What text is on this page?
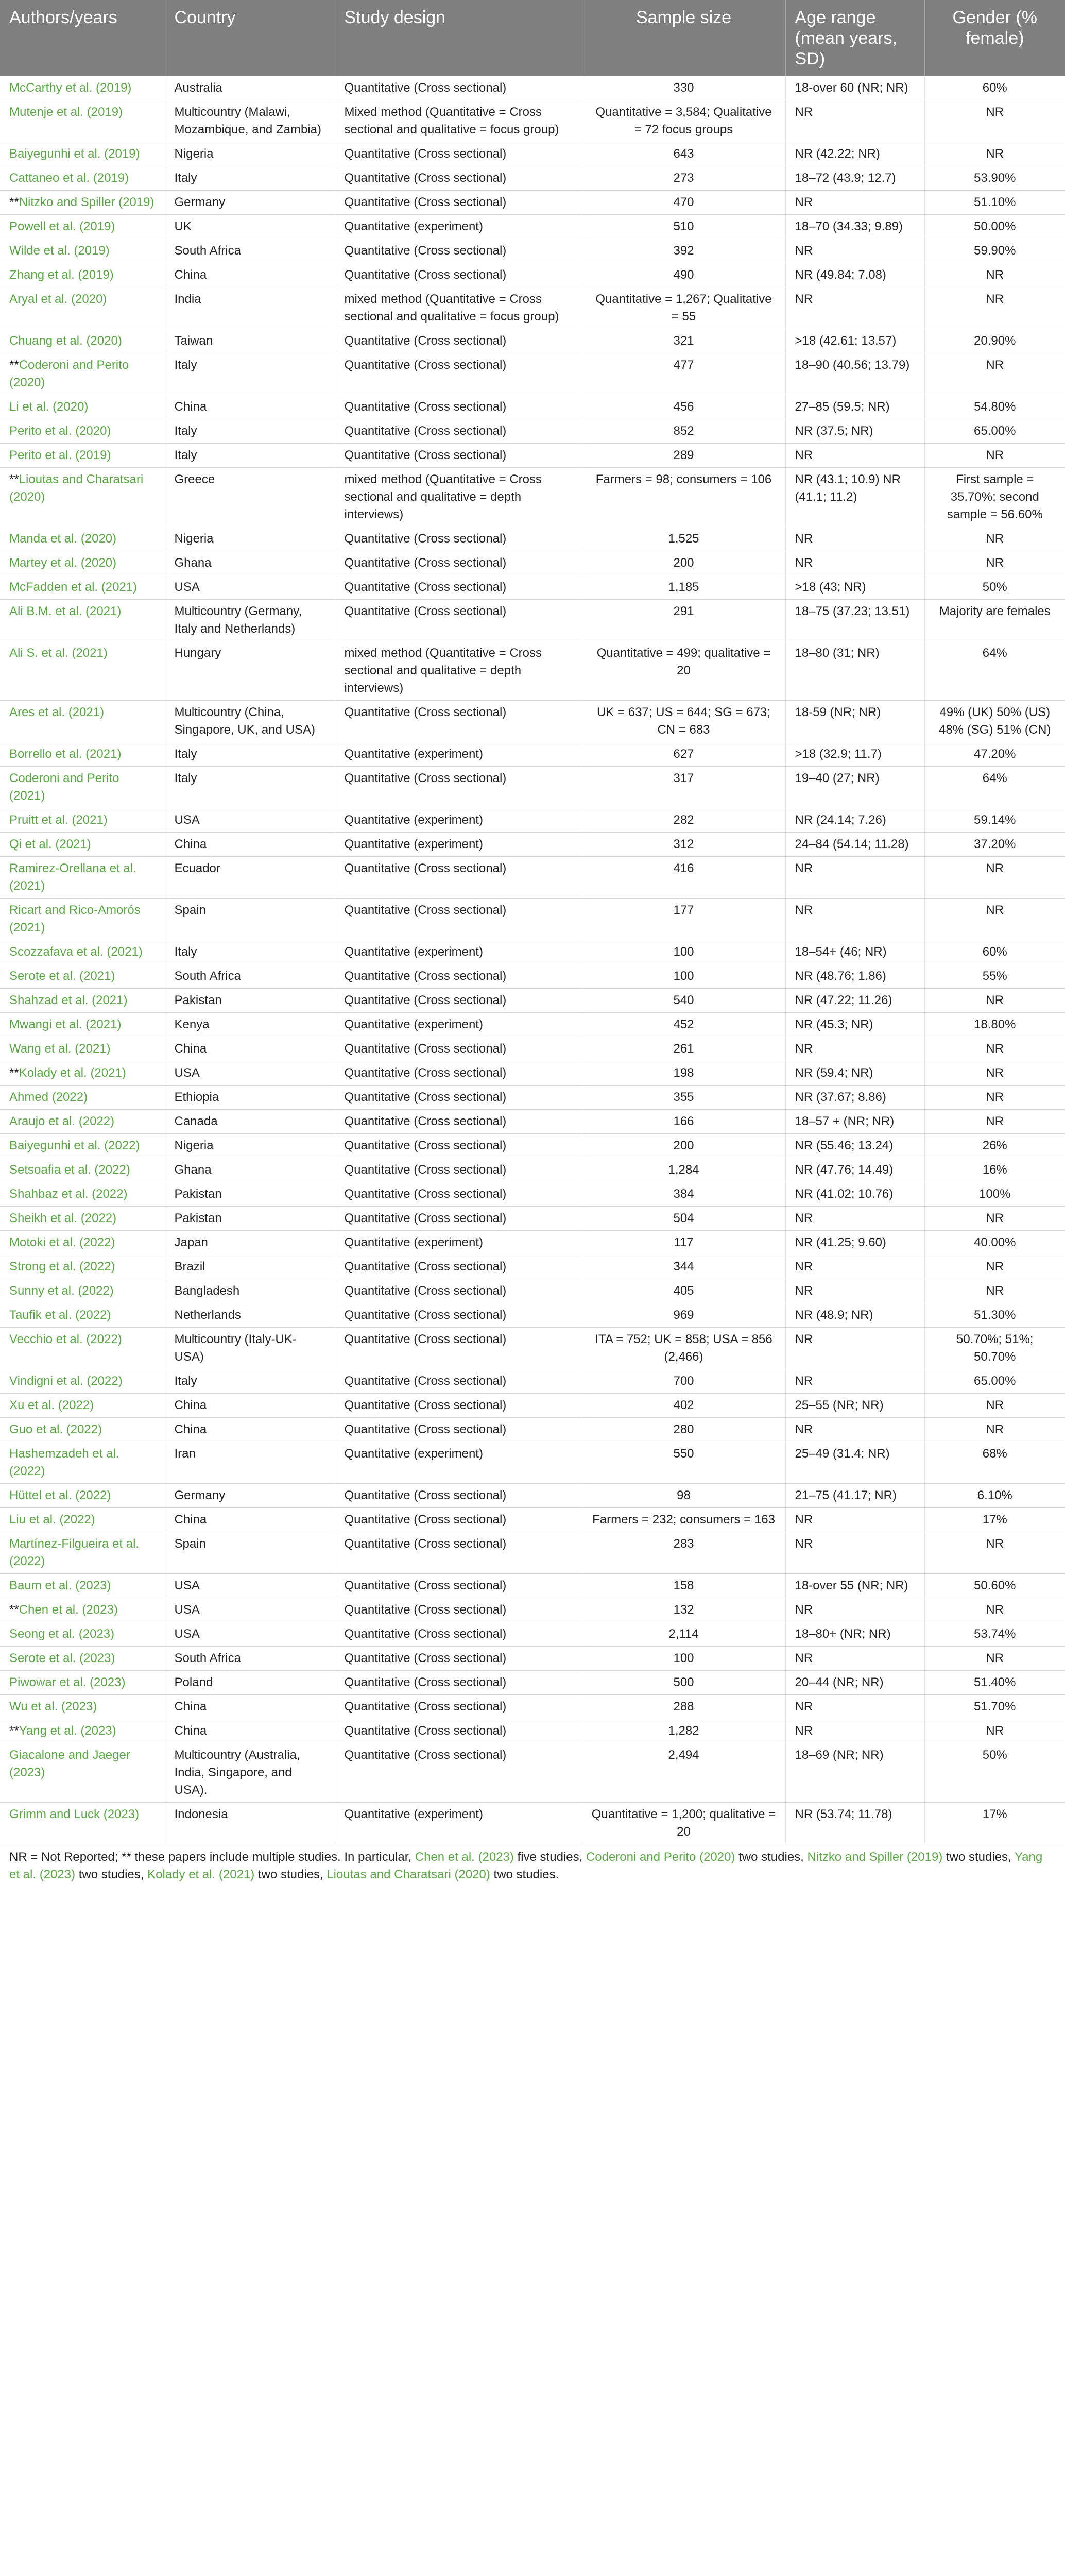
Authors/years	Country	Study design	Sample size	Age range (mean years, SD)	Gender (% female)
McCarthy et al. (2019)	Australia	Quantitative (Cross sectional)	330	18-over 60 (NR; NR)	60%
Mutenje et al. (2019)	Multicountry (Malawi, Mozambique, and Zambia)	Mixed method (Quantitative = Cross sectional and qualitative = focus group)	Quantitative = 3,584; Qualitative = 72 focus groups	NR	NR
Baiyegunhi et al. (2019)	Nigeria	Quantitative (Cross sectional)	643	NR (42.22; NR)	NR
Cattaneo et al. (2019)	Italy	Quantitative (Cross sectional)	273	18–72 (43.9; 12.7)	53.90%
**Nitzko and Spiller (2019)	Germany	Quantitative (Cross sectional)	470	NR	51.10%
Powell et al. (2019)	UK	Quantitative (experiment)	510	18–70 (34.33; 9.89)	50.00%
Wilde et al. (2019)	South Africa	Quantitative (Cross sectional)	392	NR	59.90%
Zhang et al. (2019)	China	Quantitative (Cross sectional)	490	NR (49.84; 7.08)	NR
Aryal et al. (2020)	India	mixed method (Quantitative = Cross sectional and qualitative = focus group)	Quantitative = 1,267; Qualitative = 55	NR	NR
Chuang et al. (2020)	Taiwan	Quantitative (Cross sectional)	321	>18 (42.61; 13.57)	20.90%
**Coderoni and Perito (2020)	Italy	Quantitative (Cross sectional)	477	18–90 (40.56; 13.79)	NR
Li et al. (2020)	China	Quantitative (Cross sectional)	456	27–85 (59.5; NR)	54.80%
Perito et al. (2020)	Italy	Quantitative (Cross sectional)	852	NR (37.5; NR)	65.00%
Perito et al. (2019)	Italy	Quantitative (Cross sectional)	289	NR	NR
**Lioutas and Charatsari (2020)	Greece	mixed method (Quantitative = Cross sectional and qualitative = depth interviews)	Farmers = 98; consumers = 106	NR (43.1; 10.9) NR (41.1; 11.2)	First sample = 35.70%; second sample = 56.60%
Manda et al. (2020)	Nigeria	Quantitative (Cross sectional)	1,525	NR	NR
Martey et al. (2020)	Ghana	Quantitative (Cross sectional)	200	NR	NR
McFadden et al. (2021)	USA	Quantitative (Cross sectional)	1,185	>18 (43; NR)	50%
Ali B.M. et al. (2021)	Multicountry (Germany, Italy and Netherlands)	Quantitative (Cross sectional)	291	18–75 (37.23; 13.51)	Majority are females
Ali S. et al. (2021)	Hungary	mixed method (Quantitative = Cross sectional and qualitative = depth interviews)	Quantitative = 499; qualitative = 20	18–80 (31; NR)	64%
Ares et al. (2021)	Multicountry (China, Singapore, UK, and USA)	Quantitative (Cross sectional)	UK = 637; US = 644; SG = 673; CN = 683	18-59 (NR; NR)	49% (UK) 50% (US) 48% (SG) 51% (CN)
Borrello et al. (2021)	Italy	Quantitative (experiment)	627	>18 (32.9; 11.7)	47.20%
Coderoni and Perito (2021)	Italy	Quantitative (Cross sectional)	317	19–40 (27; NR)	64%
Pruitt et al. (2021)	USA	Quantitative (experiment)	282	NR (24.14; 7.26)	59.14%
Qi et al. (2021)	China	Quantitative (experiment)	312	24–84 (54.14; 11.28)	37.20%
Ramirez-Orellana et al. (2021)	Ecuador	Quantitative (Cross sectional)	416	NR	NR
Ricart and Rico-Amorós (2021)	Spain	Quantitative (Cross sectional)	177	NR	NR
Scozzafava et al. (2021)	Italy	Quantitative (experiment)	100	18–54+ (46; NR)	60%
Serote et al. (2021)	South Africa	Quantitative (Cross sectional)	100	NR (48.76; 1.86)	55%
Shahzad et al. (2021)	Pakistan	Quantitative (Cross sectional)	540	NR (47.22; 11.26)	NR
Mwangi et al. (2021)	Kenya	Quantitative (experiment)	452	NR (45.3; NR)	18.80%
Wang et al. (2021)	China	Quantitative (Cross sectional)	261	NR	NR
**Kolady et al. (2021)	USA	Quantitative (Cross sectional)	198	NR (59.4; NR)	NR
Ahmed (2022)	Ethiopia	Quantitative (Cross sectional)	355	NR (37.67; 8.86)	NR
Araujo et al. (2022)	Canada	Quantitative (Cross sectional)	166	18–57 + (NR; NR)	NR
Baiyegunhi et al. (2022)	Nigeria	Quantitative (Cross sectional)	200	NR (55.46; 13.24)	26%
Setsoafia et al. (2022)	Ghana	Quantitative (Cross sectional)	1,284	NR (47.76; 14.49)	16%
Shahbaz et al. (2022)	Pakistan	Quantitative (Cross sectional)	384	NR (41.02; 10.76)	100%
Sheikh et al. (2022)	Pakistan	Quantitative (Cross sectional)	504	NR	NR
Motoki et al. (2022)	Japan	Quantitative (experiment)	117	NR (41.25; 9.60)	40.00%
Strong et al. (2022)	Brazil	Quantitative (Cross sectional)	344	NR	NR
Sunny et al. (2022)	Bangladesh	Quantitative (Cross sectional)	405	NR	NR
Taufik et al. (2022)	Netherlands	Quantitative (Cross sectional)	969	NR (48.9; NR)	51.30%
Vecchio et al. (2022)	Multicountry (Italy-UK-USA)	Quantitative (Cross sectional)	ITA = 752; UK = 858; USA = 856 (2,466)	NR	50.70%; 51%; 50.70%
Vindigni et al. (2022)	Italy	Quantitative (Cross sectional)	700	NR	65.00%
Xu et al. (2022)	China	Quantitative (Cross sectional)	402	25–55 (NR; NR)	NR
Guo et al. (2022)	China	Quantitative (Cross sectional)	280	NR	NR
Hashemzadeh et al. (2022)	Iran	Quantitative (experiment)	550	25–49 (31.4; NR)	68%
Hüttel et al. (2022)	Germany	Quantitative (Cross sectional)	98	21–75 (41.17; NR)	6.10%
Liu et al. (2022)	China	Quantitative (Cross sectional)	Farmers = 232; consumers = 163	NR	17%
Martínez-Filgueira et al. (2022)	Spain	Quantitative (Cross sectional)	283	NR	NR
Baum et al. (2023)	USA	Quantitative (Cross sectional)	158	18-over 55 (NR; NR)	50.60%
**Chen et al. (2023)	USA	Quantitative (Cross sectional)	132	NR	NR
Seong et al. (2023)	USA	Quantitative (Cross sectional)	2,114	18–80+ (NR; NR)	53.74%
Serote et al. (2023)	South Africa	Quantitative (Cross sectional)	100	NR	NR
Piwowar et al. (2023)	Poland	Quantitative (Cross sectional)	500	20–44 (NR; NR)	51.40%
Wu et al. (2023)	China	Quantitative (Cross sectional)	288	NR	51.70%
**Yang et al. (2023)	China	Quantitative (Cross sectional)	1,282	NR	NR
Giacalone and Jaeger (2023)	Multicountry (Australia, India, Singapore, and USA).	Quantitative (Cross sectional)	2,494	18–69 (NR; NR)	50%
Grimm and Luck (2023)	Indonesia	Quantitative (experiment)	Quantitative = 1,200; qualitative = 20	NR (53.74; 11.78)	17%
NR = Not Reported; ** these papers include multiple studies. In particular, Chen et al. (2023) five studies, Coderoni and Perito (2020) two studies, Nitzko and Spiller (2019) two studies, Yang et al. (2023) two studies, Kolady et al. (2021) two studies, Lioutas and Charatsari (2020) two studies.
